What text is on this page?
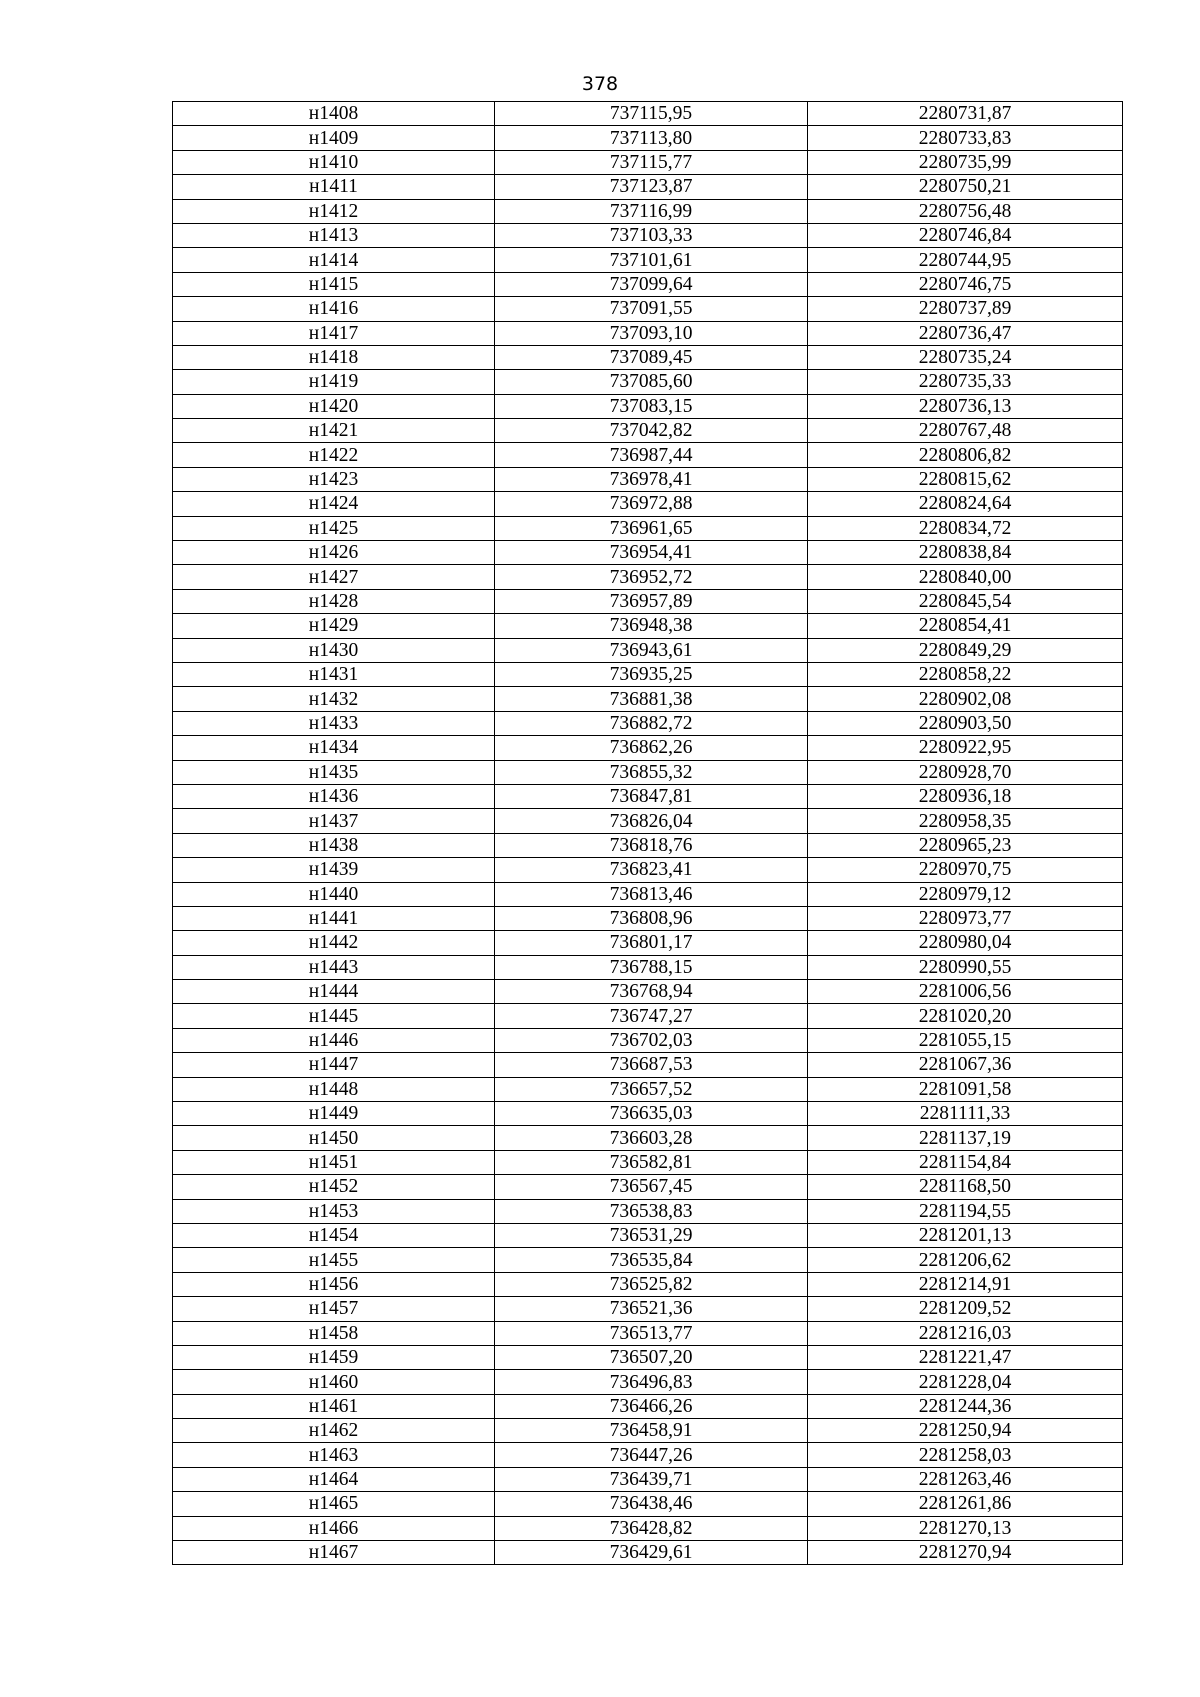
378
н1408	737115,95	2280731,87
н1409	737113,80	2280733,83
н1410	737115,77	2280735,99
н1411	737123,87	2280750,21
н1412	737116,99	2280756,48
н1413	737103,33	2280746,84
н1414	737101,61	2280744,95
н1415	737099,64	2280746,75
н1416	737091,55	2280737,89
н1417	737093,10	2280736,47
н1418	737089,45	2280735,24
н1419	737085,60	2280735,33
н1420	737083,15	2280736,13
н1421	737042,82	2280767,48
н1422	736987,44	2280806,82
н1423	736978,41	2280815,62
н1424	736972,88	2280824,64
н1425	736961,65	2280834,72
н1426	736954,41	2280838,84
н1427	736952,72	2280840,00
н1428	736957,89	2280845,54
н1429	736948,38	2280854,41
н1430	736943,61	2280849,29
н1431	736935,25	2280858,22
н1432	736881,38	2280902,08
н1433	736882,72	2280903,50
н1434	736862,26	2280922,95
н1435	736855,32	2280928,70
н1436	736847,81	2280936,18
н1437	736826,04	2280958,35
н1438	736818,76	2280965,23
н1439	736823,41	2280970,75
н1440	736813,46	2280979,12
н1441	736808,96	2280973,77
н1442	736801,17	2280980,04
н1443	736788,15	2280990,55
н1444	736768,94	2281006,56
н1445	736747,27	2281020,20
н1446	736702,03	2281055,15
н1447	736687,53	2281067,36
н1448	736657,52	2281091,58
н1449	736635,03	2281111,33
н1450	736603,28	2281137,19
н1451	736582,81	2281154,84
н1452	736567,45	2281168,50
н1453	736538,83	2281194,55
н1454	736531,29	2281201,13
н1455	736535,84	2281206,62
н1456	736525,82	2281214,91
н1457	736521,36	2281209,52
н1458	736513,77	2281216,03
н1459	736507,20	2281221,47
н1460	736496,83	2281228,04
н1461	736466,26	2281244,36
н1462	736458,91	2281250,94
н1463	736447,26	2281258,03
н1464	736439,71	2281263,46
н1465	736438,46	2281261,86
н1466	736428,82	2281270,13
н1467	736429,61	2281270,94
